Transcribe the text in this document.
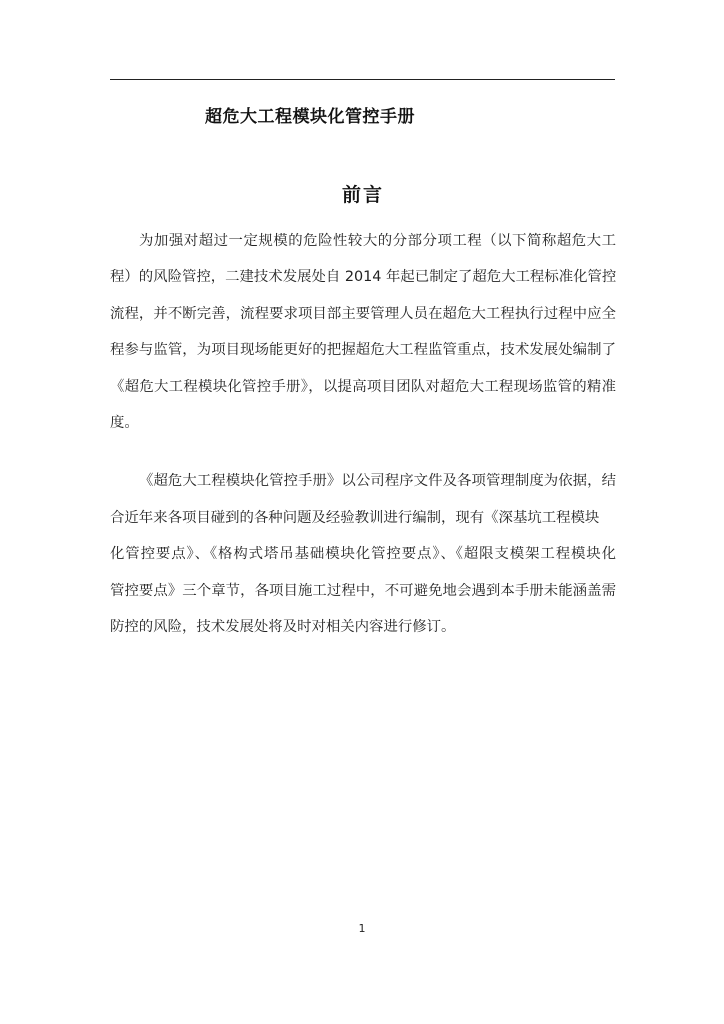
超危大工程模块化管控手册
前言
为加强对超过一定规模的危险性较大的分部分项工程（以下简称超危大工
程）的风险管控，二建技术发展处自 2014 年起已制定了超危大工程标准化管控
流程，并不断完善，流程要求项目部主要管理人员在超危大工程执行过程中应全
程参与监管，为项目现场能更好的把握超危大工程监管重点，技术发展处编制了
《超危大工程模块化管控手册》，以提高项目团队对超危大工程现场监管的精准
度。
《超危大工程模块化管控手册》以公司程序文件及各项管理制度为依据，结
合近年来各项目碰到的各种问题及经验教训进行编制，现有《深基坑工程模块
化管控要点》、《格构式塔吊基础模块化管控要点》、《超限支模架工程模块化
管控要点》三个章节，各项目施工过程中，不可避免地会遇到本手册未能涵盖需
防控的风险，技术发展处将及时对相关内容进行修订。
1
